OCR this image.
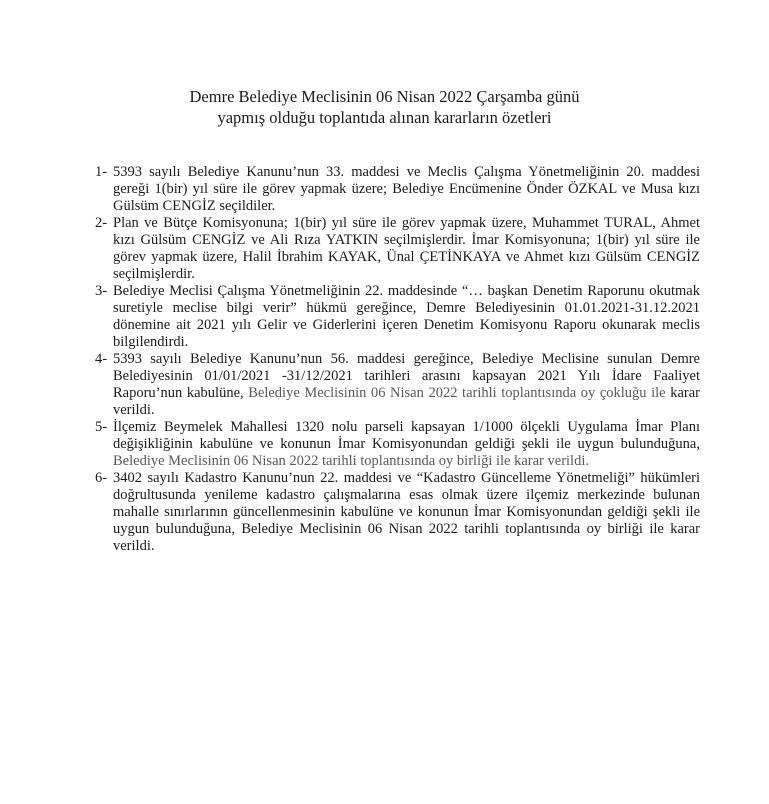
Demre Belediye Meclisinin 06 Nisan 2022 Çarşamba günü
yapmış olduğu toplantıda alınan kararların özetleri
1- 5393 sayılı Belediye Kanunu’nun 33. maddesi ve Meclis Çalışma Yönetmeliğinin 20. maddesi gereği 1(bir) yıl süre ile görev yapmak üzere; Belediye Encümenine Önder ÖZKAL ve Musa kızı Gülsüm CENGİZ seçildiler.
2- Plan ve Bütçe Komisyonuna; 1(bir) yıl süre ile görev yapmak üzere, Muhammet TURAL, Ahmet kızı Gülsüm CENGİZ ve Ali Rıza YATKIN seçilmişlerdir. İmar Komisyonuna; 1(bir) yıl süre ile görev yapmak üzere, Halil İbrahim KAYAK, Ünal ÇETİNKAYA ve Ahmet kızı Gülsüm CENGİZ seçilmişlerdir.
3- Belediye Meclisi Çalışma Yönetmeliğinin 22. maddesinde “… başkan Denetim Raporunu okutmak suretiyle meclise bilgi verir” hükmü gereğince, Demre Belediyesinin 01.01.2021-31.12.2021 dönemine ait 2021 yılı Gelir ve Giderlerini içeren Denetim Komisyonu Raporu okunarak meclis bilgilendirdi.
4- 5393 sayılı Belediye Kanunu’nun 56. maddesi gereğince, Belediye Meclisine sunulan Demre Belediyesinin 01/01/2021 -31/12/2021 tarihleri arasını kapsayan 2021 Yılı İdare Faaliyet Raporu’nun kabulüne, Belediye Meclisinin 06 Nisan 2022 tarihli toplantısında oy çokluğu ile karar verildi.
5- İlçemiz Beymelek Mahallesi 1320 nolu parseli kapsayan 1/1000 ölçekli Uygulama İmar Planı değişikliğinin kabulüne ve konunun İmar Komisyonundan geldiği şekli ile uygun bulunduğuna, Belediye Meclisinin 06 Nisan 2022 tarihli toplantısında oy birliği ile karar verildi.
6- 3402 sayılı Kadastro Kanunu’nun 22. maddesi ve “Kadastro Güncelleme Yönetmeliği” hükümleri doğrultusunda yenileme kadastro çalışmalarına esas olmak üzere ilçemiz merkezinde bulunan mahalle sınırlarının güncellenmesinin kabulüne ve konunun İmar Komisyonundan geldiği şekli ile uygun bulunduğuna, Belediye Meclisinin 06 Nisan 2022 tarihli toplantısında oy birliği ile karar verildi.
